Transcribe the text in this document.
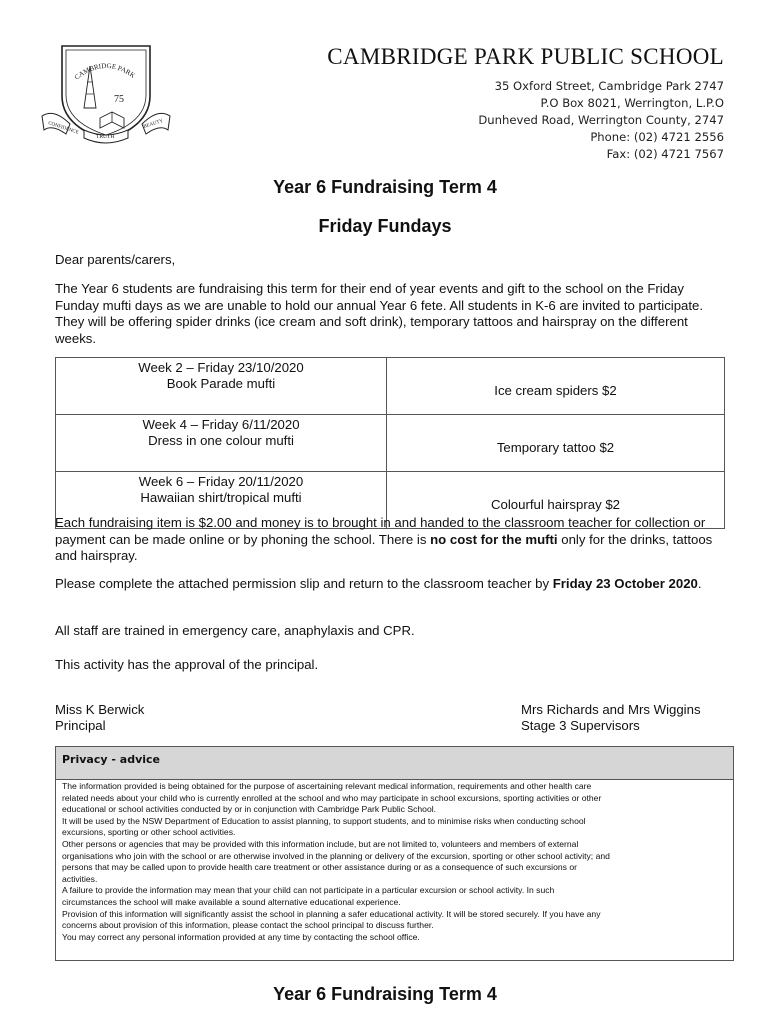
CAMBRIDGE PARK
75
CONFIDENCE
TRUTH
BEAUTY
CAMBRIDGE PARK PUBLIC SCHOOL
35 Oxford Street, Cambridge Park 2747
P.O Box 8021, Werrington, L.P.O
Dunheved Road, Werrington County, 2747
Phone: (02) 4721 2556
Fax: (02) 4721 7567
Year 6 Fundraising Term 4
Friday Fundays
Dear parents/carers,
The Year 6 students are fundraising this term for their end of year events and gift to the school on the Friday Funday mufti days as we are unable to hold our annual Year 6 fete. All students in K-6 are invited to participate. They will be offering spider drinks (ice cream and soft drink), temporary tattoos and hairspray on the different weeks.
Week 2 – Friday 23/10/2020
Book Parade mufti	Ice cream spiders $2

Week 4 – Friday 6/11/2020
Dress in one colour mufti	Temporary tattoo $2

Week 6 – Friday 20/11/2020
Hawaiian shirt/tropical mufti	Colourful hairspray $2
Each fundraising item is $2.00 and money is to brought in and handed to the classroom teacher for collection or payment can be made online or by phoning the school. There is no cost for the mufti only for the drinks, tattoos and hairspray.
Please complete the attached permission slip and return to the classroom teacher by Friday 23 October 2020.
All staff are trained in emergency care, anaphylaxis and CPR.
This activity has the approval of the principal.
Miss K Berwick
Principal
Mrs Richards and Mrs Wiggins
Stage 3 Supervisors
Privacy - advice
The information provided is being obtained for the purpose of ascertaining relevant medical information, requirements and other health care
related needs about your child who is currently enrolled at the school and who may participate in school excursions, sporting activities or other
educational or school activities conducted by or in conjunction with Cambridge Park Public School.
It will be used by the NSW Department of Education to assist planning, to support students, and to minimise risks when conducting school
excursions, sporting or other school activities.
Other persons or agencies that may be provided with this information include, but are not limited to, volunteers and members of external
organisations who join with the school or are otherwise involved in the planning or delivery of the excursion, sporting or other school activity; and
persons that may be called upon to provide health care treatment or other assistance during or as a consequence of such excursions or
activities.
A failure to provide the information may mean that your child can not participate in a particular excursion or school activity. In such
circumstances the school will make available a sound alternative educational experience.
Provision of this information will significantly assist the school in planning a safer educational activity. It will be stored securely. If you have any
concerns about provision of this information, please contact the school principal to discuss further.
You may correct any personal information provided at any time by contacting the school office.
Year 6 Fundraising Term 4
